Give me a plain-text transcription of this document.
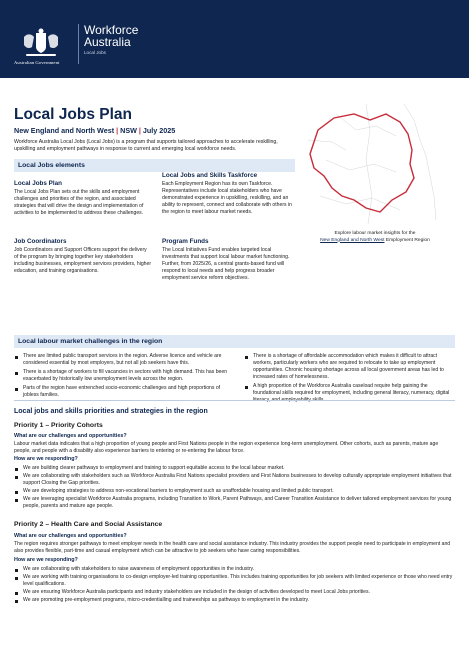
Australian Government
Workforce
Australia
Local Jobs
Local Jobs Plan
New England and North West | NSW | July 2025
Workforce Australia Local Jobs (Local Jobs) is a program that supports tailored approaches to accelerate reskilling, upskilling and employment pathways in response to current and emerging local workforce needs.
Explore labour market insights for the
New England and North West Employment Region
Local Jobs elements
Local Jobs Plan
The Local Jobs Plan sets out the skills and employment challenges and priorities of the region, and associated strategies that will drive the design and implementation of activities to be implemented to address these challenges.
Job Coordinators
Job Coordinators and Support Officers support the delivery of the program by bringing together key stakeholders including businesses, employment services providers, higher education, and training organisations.
Local Jobs and Skills Taskforce
Each Employment Region has its own Taskforce. Representatives include local stakeholders who have demonstrated experience in upskilling, reskilling, and an ability to represent, connect and collaborate with others in the region to meet labour market needs.
Program Funds
The Local Initiatives Fund enables targeted local investments that support local labour market functioning. Further, from 2025/26, a central grants-based fund will respond to local needs and help progress broader employment service reform objectives.
Local labour market challenges in the region
There are limited public transport services in the region. Adverse licence and vehicle are considered essential by most employers, but not all job seekers have this.
There is a shortage of workers to fill vacancies in sectors with high demand. This has been exacerbated by historically low unemployment levels across the region.
Parts of the region have entrenched socio-economic challenges and high proportions of jobless families.
There is a shortage of affordable accommodation which makes it difficult to attract workers, particularly workers who are required to relocate to take up employment opportunities. Chronic housing shortage across all local government areas has led to increased rates of homelessness.
A high proportion of the Workforce Australia caseload require help gaining the foundational skills required for employment, including general literacy, numeracy, digital
Local jobs and skills priorities and strategies in the region
Priority 1 – Priority Cohorts
What are our challenges and opportunities?
Labour market data indicates that a high proportion of young people and First Nations people in the region experience long-term unemployment. Other cohorts, such as parents, mature age people, and people with a disability also experience barriers to entering or re-entering the labour force.
How are we responding?
We are building clearer pathways to employment and training to support equitable access to the local labour market.
We are collaborating with stakeholders such as Workforce Australia First Nations specialist providers and First Nations businesses to develop culturally appropriate employment initiatives that support Closing the Gap priorities.
We are developing strategies to address non-vocational barriers to employment such as unaffordable housing and limited public transport.
We are leveraging specialist Workforce Australia programs, including Transition to Work, Parent Pathways, and Career Transition Assistance to deliver tailored employment services for young people, parents and mature age people.
Priority 2 – Health Care and Social Assistance
What are our challenges and opportunities?
The region requires stronger pathways to meet employer needs in the health care and social assistance industry. This industry provides the support people need to participate in employment and also provides flexible, part-time and casual employment which can be attractive to job seekers who have caring responsibilities.
How are we responding?
We are collaborating with stakeholders to raise awareness of employment opportunities in the industry.
We are working with training organisations to co-design employer-led training opportunities. This includes training opportunities for job seekers with limited experience or those who need entry level qualifications.
We are ensuring Workforce Australia participants and industry stakeholders are included in the design of activities developed to meet Local Jobs priorities.
We are promoting pre-employment programs, micro-credentialling and traineeships as pathways to employment in the industry.
